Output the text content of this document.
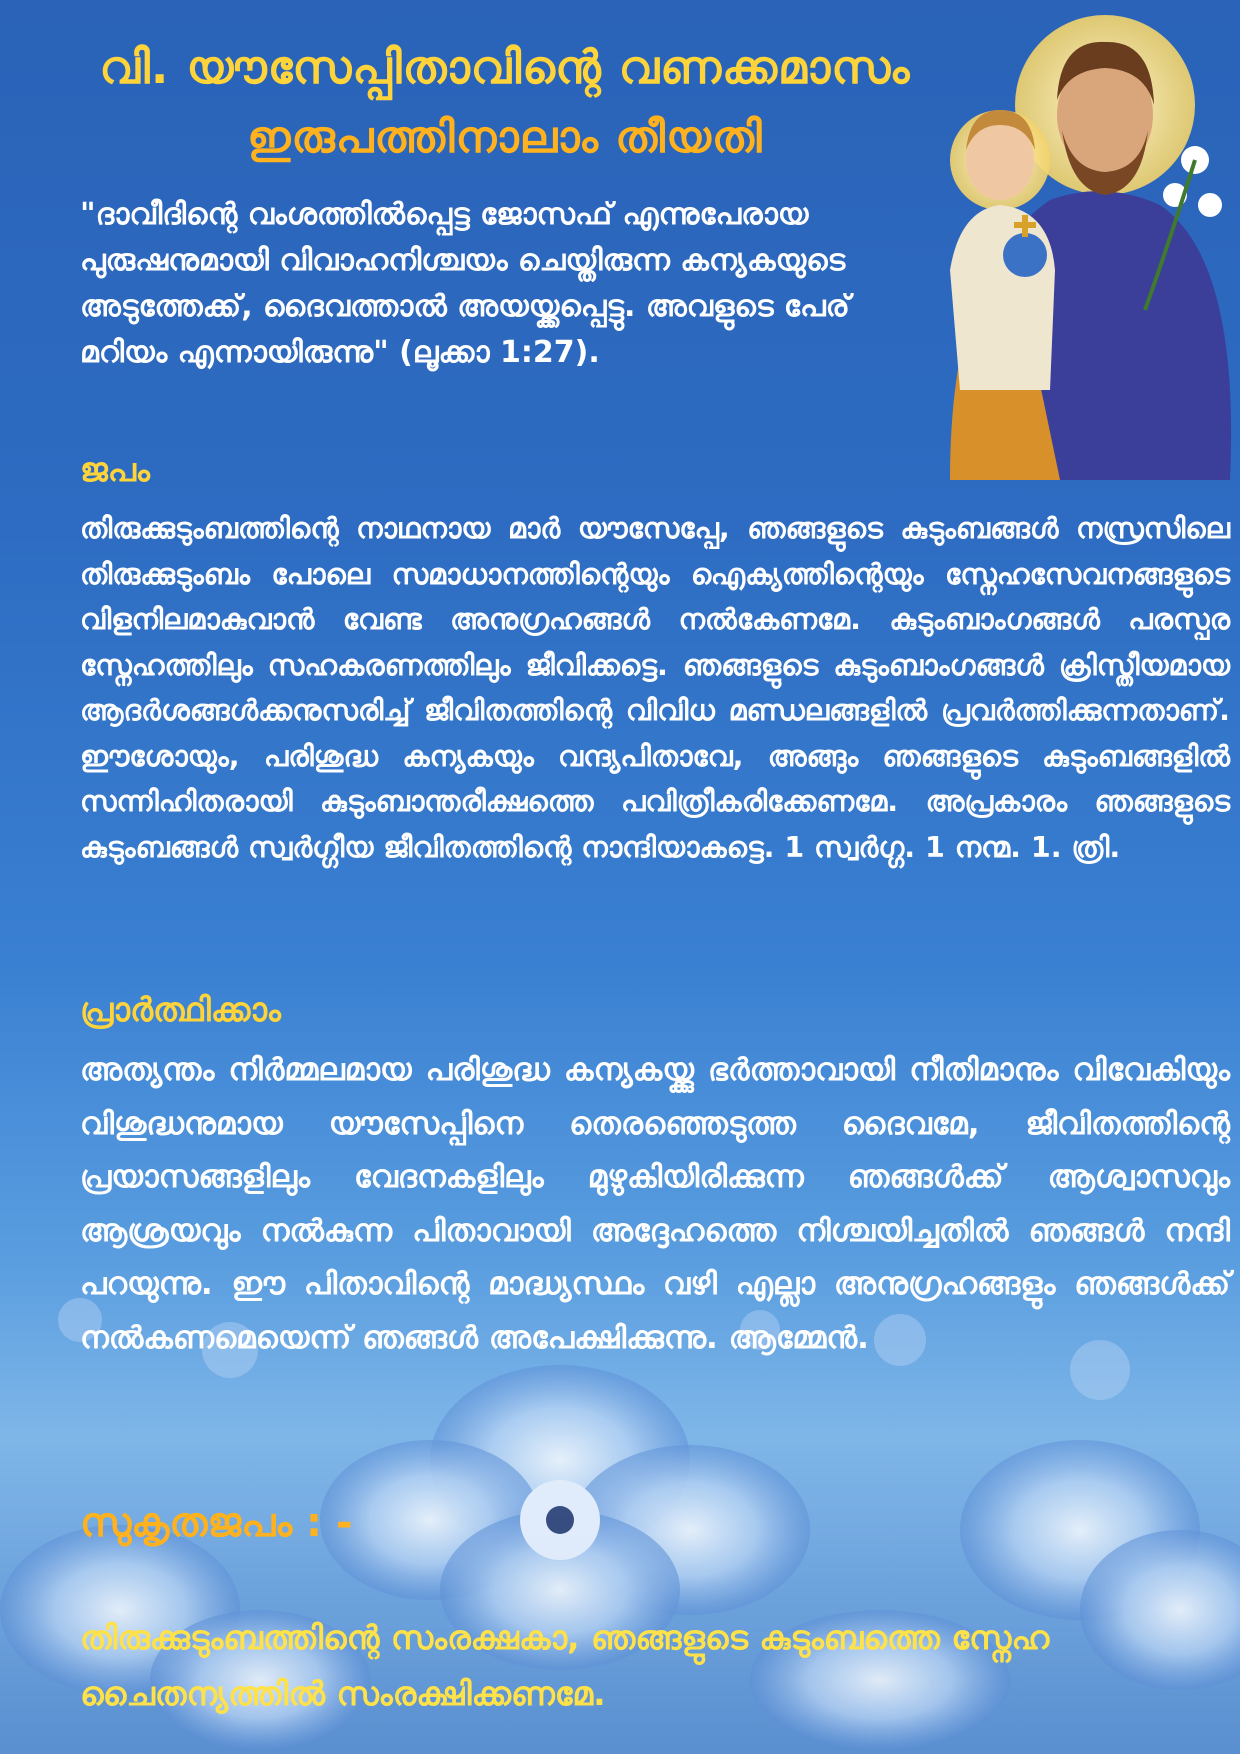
വി. യൗസേപ്പിതാവിന്റെ വണക്കമാസം
ഇരുപത്തിനാലാം തീയതി
"ദാവീദിന്റെ വംശത്തിൽപ്പെട്ട ജോസഫ് എന്നുപേരായ പുരുഷനുമായി വിവാഹനിശ്ചയം ചെയ്തിരുന്ന കന്യകയുടെ അടുത്തേക്ക്, ദൈവത്താൽ അയയ്ക്കപ്പെട്ടു. അവളുടെ പേര് മറിയം എന്നായിരുന്നു" (ലൂക്കാ 1:27).
ജപം
തിരുക്കുടുംബത്തിന്റെ നാഥനായ മാർ യൗസേപ്പേ, ഞങ്ങളുടെ കുടുംബങ്ങൾ നസ്രസിലെ തിരുക്കുടുംബം പോലെ സമാധാനത്തിന്റെയും ഐക്യത്തിന്റെയും സ്നേഹസേവനങ്ങളുടെ വിളനിലമാകുവാൻ വേണ്ട അനുഗ്രഹങ്ങൾ നൽകേണമേ. കുടുംബാംഗങ്ങൾ പരസ്പര സ്നേഹത്തിലും സഹകരണത്തിലും ജീവിക്കട്ടെ. ഞങ്ങളുടെ കുടുംബാംഗങ്ങൾ ക്രിസ്തീയമായ ആദർശങ്ങൾക്കനുസരിച്ച് ജീവിതത്തിന്റെ വിവിധ മണ്ഡലങ്ങളിൽ പ്രവർത്തിക്കുന്നതാണ്. ഈശോയും, പരിശുദ്ധ കന്യകയും വന്ദ്യപിതാവേ, അങ്ങും ഞങ്ങളുടെ കുടുംബങ്ങളിൽ സന്നിഹിതരായി കുടുംബാന്തരീക്ഷത്തെ പവിത്രീകരിക്കേണമേ. അപ്രകാരം ഞങ്ങളുടെ കുടുംബങ്ങൾ സ്വർഗ്ഗീയ ജീവിതത്തിന്റെ നാന്ദിയാകട്ടെ. 1 സ്വർഗ്ഗ. 1 നന്മ. 1. ത്രി.
പ്രാർത്ഥിക്കാം
അത്യന്തം നിർമ്മലമായ പരിശുദ്ധ കന്യകയ്ക്കു ഭർത്താവായി നീതിമാനും വിവേകിയും വിശുദ്ധനുമായ യൗസേപ്പിനെ തെരഞ്ഞെടുത്ത ദൈവമേ, ജീവിതത്തിന്റെ പ്രയാസങ്ങളിലും വേദനകളിലും മുഴുകിയിരിക്കുന്ന ഞങ്ങൾക്ക് ആശ്വാസവും ആശ്രയവും നൽകുന്ന പിതാവായി അദ്ദേഹത്തെ നിശ്ചയിച്ചതിൽ ഞങ്ങൾ നന്ദി പറയുന്നു. ഈ പിതാവിന്റെ മാദ്ധ്യസ്ഥം വഴി എല്ലാ അനുഗ്രഹങ്ങളും ഞങ്ങൾക്ക് നൽകണമെയെന്ന് ഞങ്ങൾ അപേക്ഷിക്കുന്നു. ആമ്മേൻ.
സുകൃതജപം : -
തിരുക്കുടുംബത്തിന്റെ സംരക്ഷകാ, ഞങ്ങളുടെ കുടുംബത്തെ സ്നേഹ ചൈതന്യത്തിൽ സംരക്ഷിക്കണമേ.
